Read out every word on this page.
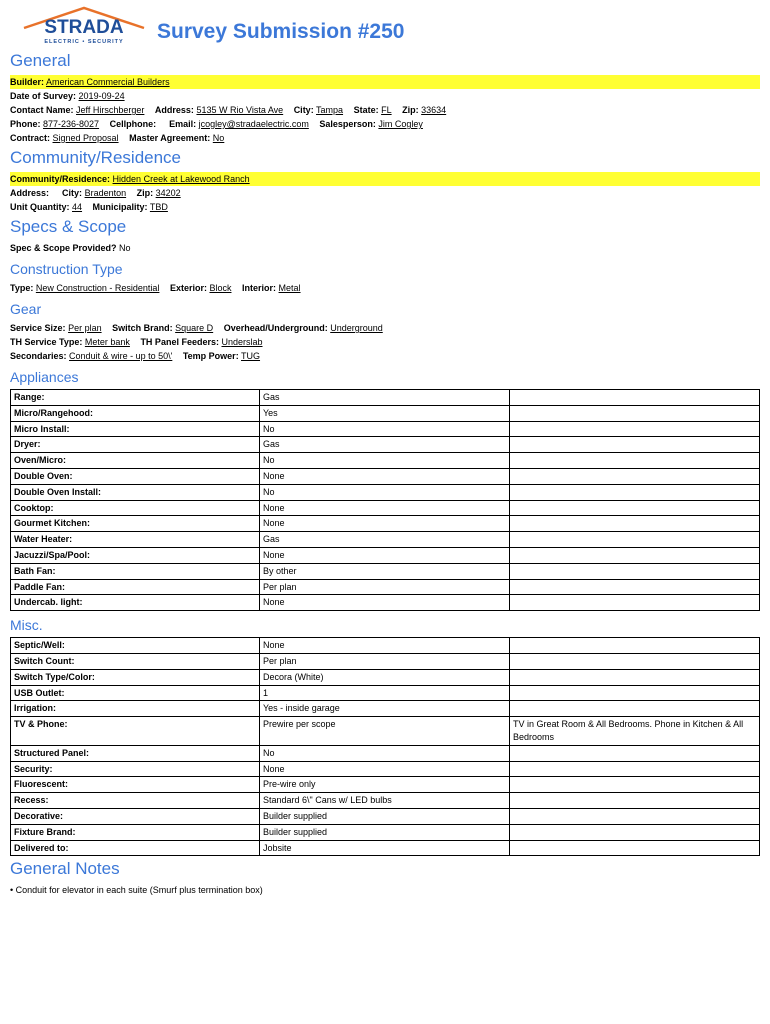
STRADA
ELECTRIC • SECURITY Survey Submission #250
General
Builder: American Commercial Builders
Date of Survey: 2019-09-24
Contact Name: Jeff Hirschberger Address: 5135 W Rio Vista Ave City: Tampa State: FL Zip: 33634
Phone: 877-236-8027 Cellphone: Email: jcogley@stradaelectric.com Salesperson: Jim Cogley
Contract: Signed Proposal Master Agreement: No
Community/Residence
Community/Residence: Hidden Creek at Lakewood Ranch
Address: City: Bradenton Zip: 34202
Unit Quantity: 44 Municipality: TBD
Specs & Scope
Spec & Scope Provided? No
Construction Type
Type: New Construction - Residential Exterior: Block Interior: Metal
Gear
Service Size: Per plan Switch Brand: Square D Overhead/Underground: Underground
TH Service Type: Meter bank TH Panel Feeders: Underslab
Secondaries: Conduit & wire - up to 50\' Temp Power: TUG
Appliances
Range:	Gas	
Micro/Rangehood:	Yes	
Micro Install:	No	
Dryer:	Gas	
Oven/Micro:	No	
Double Oven:	None	
Double Oven Install:	No	
Cooktop:	None	
Gourmet Kitchen:	None	
Water Heater:	Gas	
Jacuzzi/Spa/Pool:	None	
Bath Fan:	By other	
Paddle Fan:	Per plan	
Undercab. light:	None	
Misc.
Septic/Well:	None	
Switch Count:	Per plan	
Switch Type/Color:	Decora (White)	
USB Outlet:	1	
Irrigation:	Yes - inside garage	
TV & Phone:	Prewire per scope	TV in Great Room & All Bedrooms. Phone in Kitchen & All Bedrooms
Structured Panel:	No	
Security:	None	
Fluorescent:	Pre-wire only	
Recess:	Standard 6\" Cans w/ LED bulbs	
Decorative:	Builder supplied	
Fixture Brand:	Builder supplied	
Delivered to:	Jobsite	
General Notes
• Conduit for elevator in each suite (Smurf plus termination box)
